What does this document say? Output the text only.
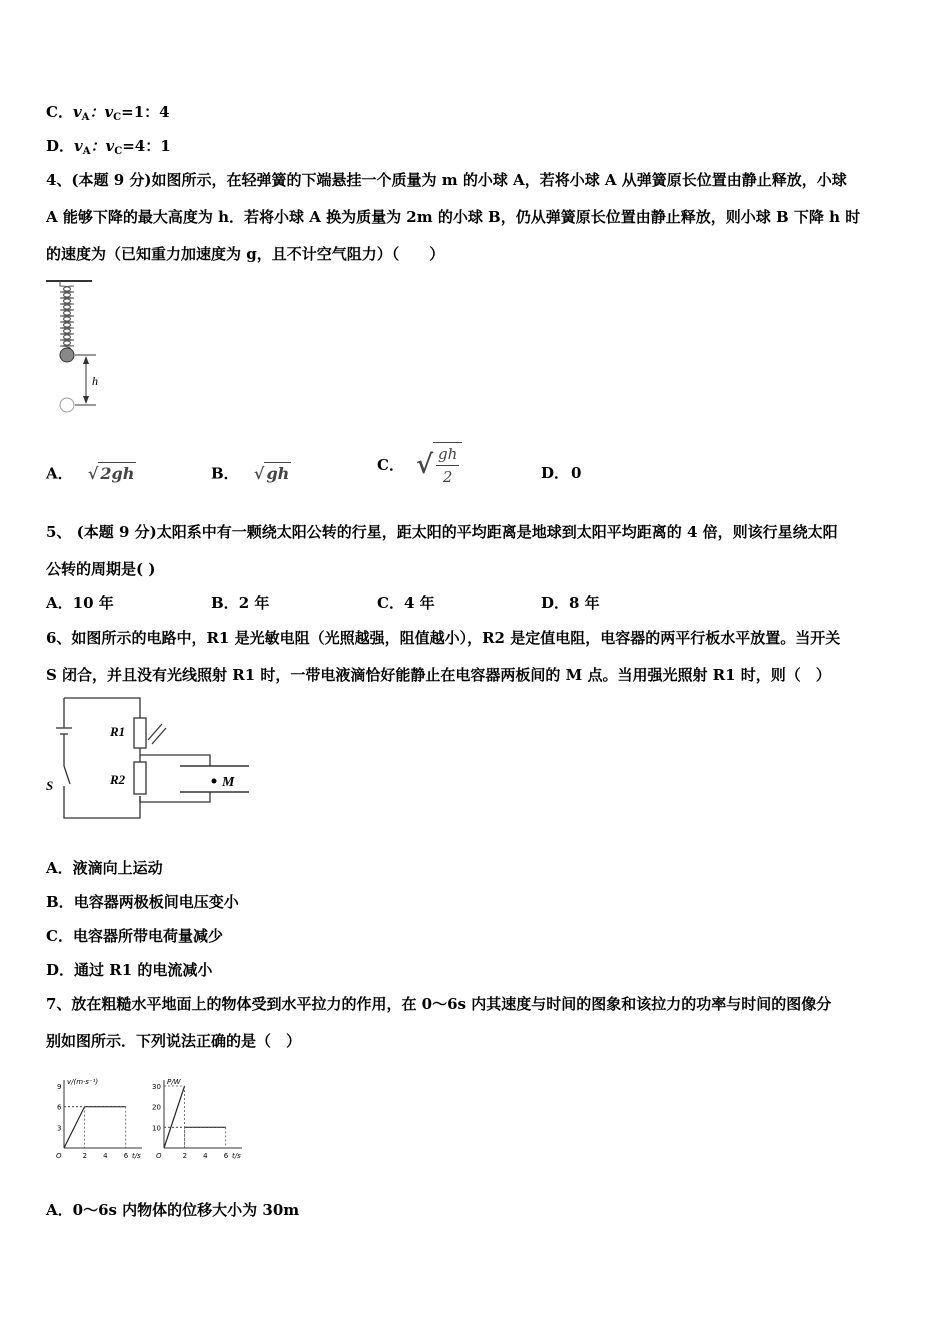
C．$v_A$：$v_C=1$：4
D．$v_A$：$v_C=4$：1
4、(本题 9 分)如图所示，在轻弹簧的下端悬挂一个质量为 m 的小球 A，若将小球 A 从弹簧原长位置由静止释放，小球
A 能够下降的最大高度为 h．若将小球 A 换为质量为 2m 的小球 B，仍从弹簧原长位置由静止释放，则小球 B 下降 h 时
的速度为（已知重力加速度为 g，且不计空气阻力）（　　）
h
A． √ 2gh	B． √ gh	C． √ gh
2	D． 0
5、 (本题 9 分)太阳系中有一颗绕太阳公转的行星，距太阳的平均距离是地球到太阳平均距离的 4 倍，则该行星绕太阳
公转的周期是( )
A．10 年	B．2 年	C．4 年	D．8 年
6、如图所示的电路中，R1 是光敏电阻（光照越强，阻值越小），R2 是定值电阻，电容器的两平行板水平放置。当开关
S 闭合，并且没有光线照射 R1 时，一带电液滴恰好能静止在电容器两板间的 M 点。当用强光照射 R1 时，则（　）
R1
R2
S	M
A．液滴向上运动
B．电容器两极板间电压变小
C．电容器所带电荷量减少
D．通过 R1 的电流减小
7、放在粗糙水平地面上的物体受到水平拉力的作用，在 0～6s 内其速度与时间的图象和该拉力的功率与时间的图像分
别如图所示．下列说法正确的是（　）
v/(m·s⁻¹)
t/s
O	2 4 6
3
6
9
P/W
t/s
O	2 4 6
10
20
30
A．0～6s 内物体的位移大小为 30m
